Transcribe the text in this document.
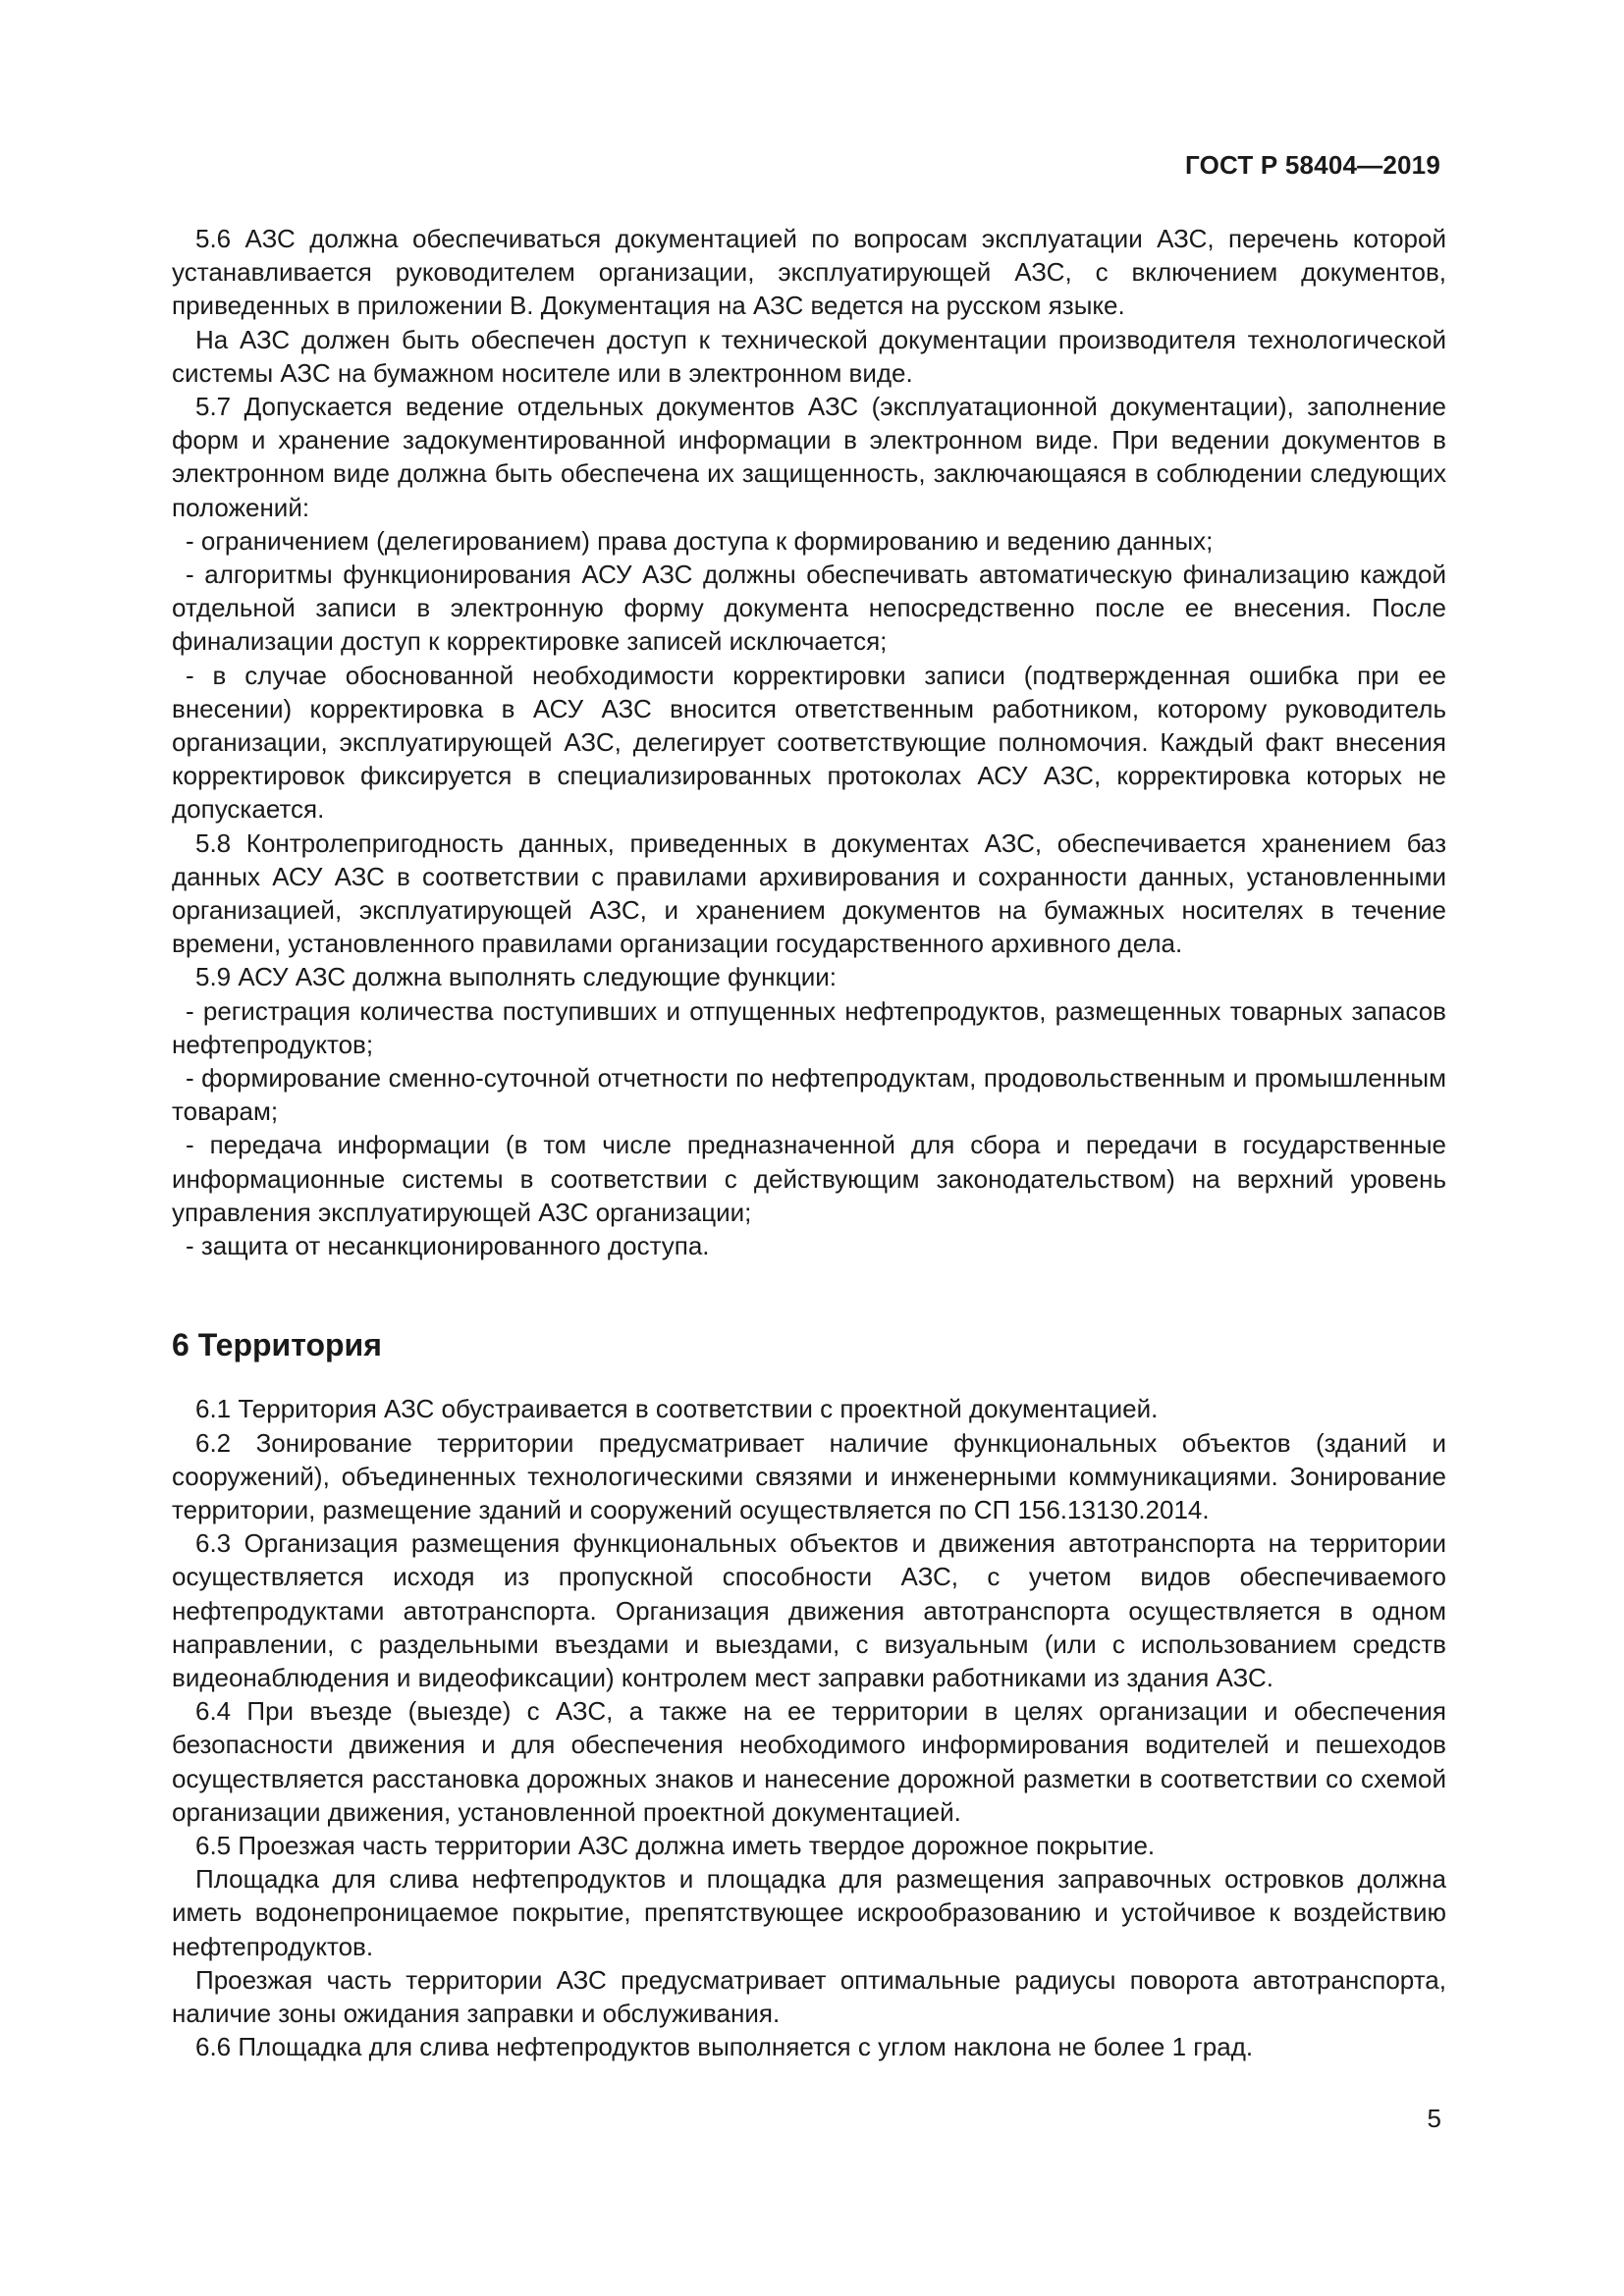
ГОСТ Р 58404—2019

5.6 АЗС должна обеспечиваться документацией по вопросам эксплуатации АЗС, перечень которой устанавливается руководителем организации, эксплуатирующей АЗС, с включением документов, приведенных в приложении В. Документация на АЗС ведется на русском языке.

На АЗС должен быть обеспечен доступ к технической документации производителя технологической системы АЗС на бумажном носителе или в электронном виде.

5.7 Допускается ведение отдельных документов АЗС (эксплуатационной документации), заполнение форм и хранение задокументированной информации в электронном виде. При ведении документов в электронном виде должна быть обеспечена их защищенность, заключающаяся в соблюдении следующих положений:

- ограничением (делегированием) права доступа к формированию и ведению данных;

- алгоритмы функционирования АСУ АЗС должны обеспечивать автоматическую финализацию каждой отдельной записи в электронную форму документа непосредственно после ее внесения. После финализации доступ к корректировке записей исключается;

- в случае обоснованной необходимости корректировки записи (подтвержденная ошибка при ее внесении) корректировка в АСУ АЗС вносится ответственным работником, которому руководитель организации, эксплуатирующей АЗС, делегирует соответствующие полномочия. Каждый факт внесения корректировок фиксируется в специализированных протоколах АСУ АЗС, корректировка которых не допускается.

5.8 Контролепригодность данных, приведенных в документах АЗС, обеспечивается хранением баз данных АСУ АЗС в соответствии с правилами архивирования и сохранности данных, установленными организацией, эксплуатирующей АЗС, и хранением документов на бумажных носителях в течение времени, установленного правилами организации государственного архивного дела.

5.9 АСУ АЗС должна выполнять следующие функции:

- регистрация количества поступивших и отпущенных нефтепродуктов, размещенных товарных запасов нефтепродуктов;

- формирование сменно-суточной отчетности по нефтепродуктам, продовольственным и промышленным товарам;

- передача информации (в том числе предназначенной для сбора и передачи в государственные информационные системы в соответствии с действующим законодательством) на верхний уровень управления эксплуатирующей АЗС организации;

- защита от несанкционированного доступа.

6 Территория

6.1 Территория АЗС обустраивается в соответствии с проектной документацией.

6.2 Зонирование территории предусматривает наличие функциональных объектов (зданий и сооружений), объединенных технологическими связями и инженерными коммуникациями. Зонирование территории, размещение зданий и сооружений осуществляется по СП 156.13130.2014.

6.3 Организация размещения функциональных объектов и движения автотранспорта на территории осуществляется исходя из пропускной способности АЗС, с учетом видов обеспечиваемого нефтепродуктами автотранспорта. Организация движения автотранспорта осуществляется в одном направлении, с раздельными въездами и выездами, с визуальным (или с использованием средств видеонаблюдения и видеофиксации) контролем мест заправки работниками из здания АЗС.

6.4 При въезде (выезде) с АЗС, а также на ее территории в целях организации и обеспечения безопасности движения и для обеспечения необходимого информирования водителей и пешеходов осуществляется расстановка дорожных знаков и нанесение дорожной разметки в соответствии со схемой организации движения, установленной проектной документацией.

6.5 Проезжая часть территории АЗС должна иметь твердое дорожное покрытие.

Площадка для слива нефтепродуктов и площадка для размещения заправочных островков должна иметь водонепроницаемое покрытие, препятствующее искрообразованию и устойчивое к воздействию нефтепродуктов.

Проезжая часть территории АЗС предусматривает оптимальные радиусы поворота автотранспорта, наличие зоны ожидания заправки и обслуживания.

6.6 Площадка для слива нефтепродуктов выполняется с углом наклона не более 1 град.

5
